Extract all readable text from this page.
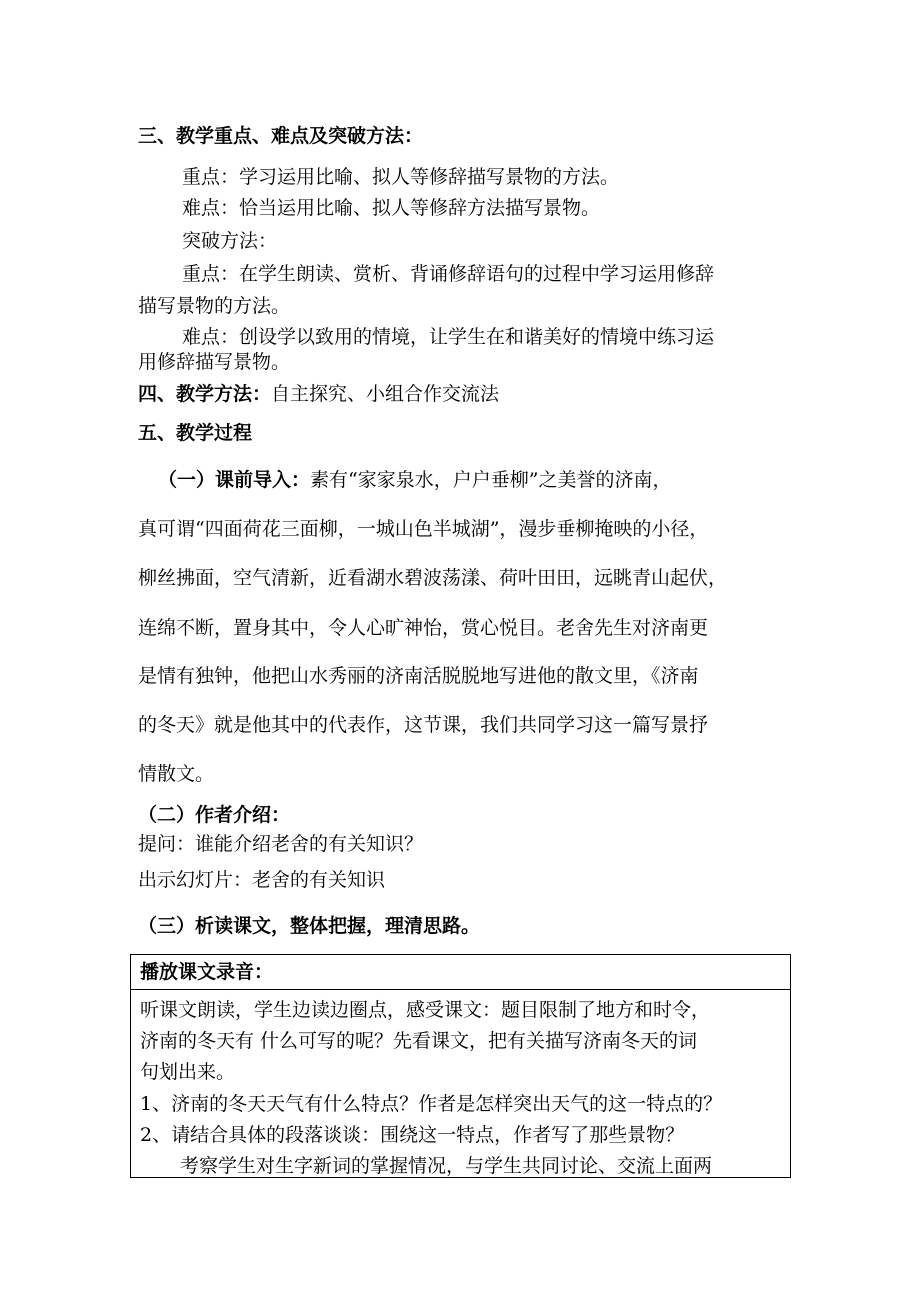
三、教学重点、难点及突破方法：
重点：学习运用比喻、拟人等修辞描写景物的方法。
难点：恰当运用比喻、拟人等修辞方法描写景物。
突破方法：
重点：在学生朗读、赏析、背诵修辞语句的过程中学习运用修辞
描写景物的方法。
难点：创设学以致用的情境，让学生在和谐美好的情境中练习运
用修辞描写景物。
四、教学方法：自主探究、小组合作交流法
五、教学过程
（一）课前导入：素有“家家泉水，户户垂柳”之美誉的济南，
真可谓“四面荷花三面柳，一城山色半城湖”，漫步垂柳掩映的小径，
柳丝拂面，空气清新，近看湖水碧波荡漾、荷叶田田，远眺青山起伏，
连绵不断，置身其中，令人心旷神怡，赏心悦目。老舍先生对济南更
是情有独钟，他把山水秀丽的济南活脱脱地写进他的散文里，《济南
的冬天》就是他其中的代表作，这节课，我们共同学习这一篇写景抒
情散文。
（二）作者介绍：
提问：谁能介绍老舍的有关知识？
出示幻灯片：老舍的有关知识
（三）析读课文，整体把握，理清思路。
播放课文录音：
听课文朗读，学生边读边圈点，感受课文：题目限制了地方和时令，
济南的冬天有 什么可写的呢？先看课文，把有关描写济南冬天的词
句划出来。
1、济南的冬天天气有什么特点？作者是怎样突出天气的这一特点的？
2、请结合具体的段落谈谈：围绕这一特点，作者写了那些景物？
考察学生对生字新词的掌握情况，与学生共同讨论、交流上面两
